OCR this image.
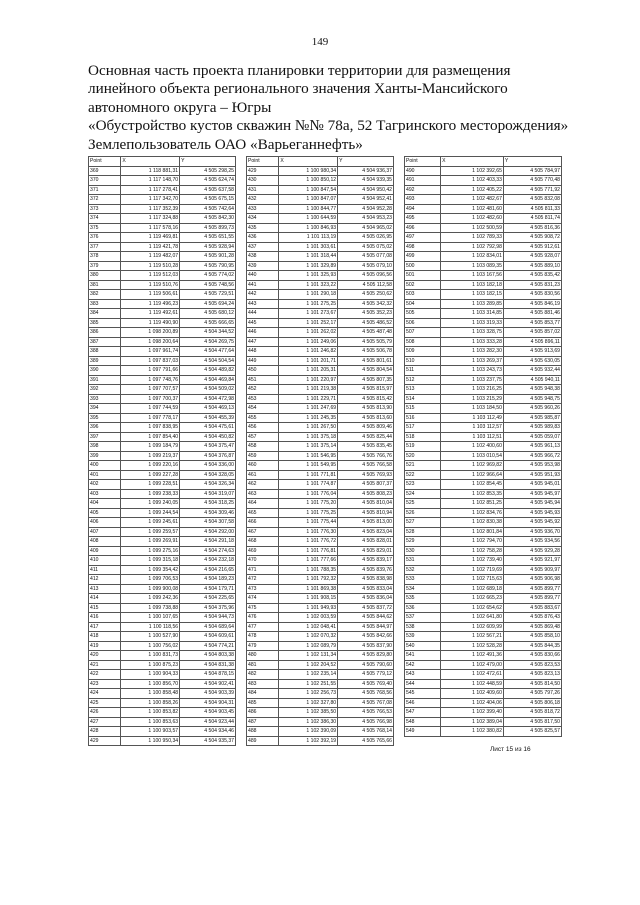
149
Основная часть проекта планировки территории для размещения
линейного объекта регионального значения Ханты-Мансийского
автономного округа – Югры
«Обустройство кустов скважин №№ 78а, 52 Тагринского месторождения»
Землепользователь ОАО «Варьеганнефть»
Point	X	Y
369	1 118 881,31	4 505 298,25
370	1 117 148,70	4 505 624,74
371	1 117 278,41	4 505 637,58
372	1 117 342,70	4 505 675,15
373	1 117 352,39	4 505 742,64
374	1 117 324,88	4 505 842,30
375	1 117 578,16	4 505 899,73
376	1 119 469,81	4 505 651,55
377	1 119 421,78	4 505 928,94
378	1 119 482,07	4 505 901,28
379	1 119 510,28	4 505 790,95
380	1 119 512,03	4 505 774,02
381	1 119 510,76	4 505 748,56
382	1 119 506,61	4 505 729,51
383	1 119 496,23	4 505 694,24
384	1 119 492,61	4 505 680,12
385	1 119 490,90	4 505 666,65
386	1 098 200,89	4 504 344,52
387	1 098 200,64	4 504 269,75
388	1 097 961,74	4 504 477,64
389	1 097 837,03	4 504 504,54
390	1 097 791,66	4 504 489,82
391	1 097 748,76	4 504 469,84
392	1 097 707,57	4 504 509,02
393	1 097 700,37	4 504 472,98
394	1 097 744,59	4 504 469,13
395	1 097 778,17	4 504 455,39
396	1 097 838,95	4 504 475,61
397	1 097 854,40	4 504 450,82
398	1 099 184,79	4 504 375,47
399	1 099 219,37	4 504 376,87
400	1 099 220,16	4 504 336,00
401	1 099 227,28	4 504 328,05
402	1 099 228,51	4 504 326,34
403	1 099 238,33	4 504 319,07
404	1 099 240,05	4 504 318,25
405	1 099 244,54	4 504 309,46
406	1 099 245,61	4 504 307,58
407	1 099 259,57	4 504 292,00
408	1 099 269,91	4 504 291,18
409	1 099 275,16	4 504 274,63
410	1 099 315,18	4 504 232,18
411	1 099 354,42	4 504 216,65
412	1 099 706,53	4 504 189,23
413	1 099 900,08	4 504 179,71
414	1 099 242,36	4 504 225,65
415	1 099 738,88	4 504 375,96
416	1 100 107,65	4 504 944,73
417	1 100 118,56	4 504 689,64
418	1 100 527,90	4 504 609,61
419	1 100 756,02	4 504 774,21
420	1 100 831,73	4 504 803,38
421	1 100 875,23	4 504 831,38
422	1 100 904,33	4 504 878,15
423	1 100 856,70	4 504 902,41
424	1 100 858,48	4 504 903,39
425	1 100 858,26	4 504 904,31
426	1 100 853,82	4 504 903,45
427	1 100 853,63	4 504 923,44
428	1 100 903,57	4 504 934,46
429	1 100 950,34	4 504 935,37
Point	X	Y
429	1 100 980,34	4 504 936,37
430	1 100 850,12	4 504 939,35
431	1 100 847,54	4 504 950,42
432	1 100 847,07	4 504 952,41
433	1 100 844,77	4 504 952,28
434	1 100 644,59	4 504 953,23
435	1 100 846,93	4 504 965,02
436	1 101 113,19	4 505 026,95
437	1 101 303,61	4 505 075,02
438	1 101 318,44	4 505 077,08
439	1 101 329,89	4 505 079,10
440	1 101 325,93	4 505 096,56
441	1 101 323,22	4 505 112,58
442	1 101 290,18	4 505 250,62
443	1 101 275,25	4 505 342,32
444	1 101 273,67	4 505 352,23
445	1 101 252,17	4 505 486,52
446	1 101 262,02	4 505 487,48
447	1 101 249,06	4 505 505,79
448	1 101 246,82	4 505 506,78
449	1 101 201,71	4 505 801,61
450	1 101 205,31	4 505 804,54
451	1 101 220,97	4 505 807,35
452	1 101 219,38	4 505 815,97
453	1 101 229,71	4 505 815,42
454	1 101 247,69	4 505 813,90
455	1 101 245,35	4 505 813,60
456	1 101 267,50	4 505 809,46
457	1 101 375,18	4 505 825,44
458	1 101 375,14	4 505 835,45
459	1 101 546,95	4 505 766,76
460	1 101 549,95	4 505 766,58
461	1 101 771,81	4 505 769,93
462	1 101 774,87	4 505 807,37
463	1 101 776,04	4 505 808,23
464	1 101 775,20	4 505 810,04
465	1 101 775,25	4 505 810,94
466	1 101 775,44	4 505 813,00
467	1 101 776,30	4 505 823,04
468	1 101 776,72	4 505 828,01
469	1 101 776,81	4 505 829,01
470	1 101 777,66	4 505 839,17
471	1 101 788,35	4 505 839,76
472	1 101 792,32	4 505 838,98
473	1 101 869,38	4 505 833,04
474	1 101 908,15	4 505 836,04
475	1 101 949,93	4 505 837,72
476	1 102 003,59	4 505 844,62
477	1 102 048,41	4 505 844,97
478	1 102 070,32	4 505 842,66
479	1 102 089,79	4 505 837,90
480	1 102 131,34	4 505 829,80
481	1 102 204,52	4 505 790,60
482	1 102 235,14	4 505 779,12
483	1 102 251,55	4 505 769,40
484	1 102 256,73	4 505 768,56
485	1 102 327,80	4 505 767,08
486	1 102 385,50	4 505 766,53
487	1 102 386,30	4 505 766,98
488	1 102 390,09	4 505 768,14
489	1 102 392,19	4 505 765,66
Point	X	Y
490	1 102 392,65	4 505 784,97
491	1 102 403,33	4 505 770,48
492	1 102 405,22	4 505 771,92
493	1 102 482,67	4 505 832,08
494	1 102 481,60	4 505 811,33
495	1 102 482,60	4 505 811,74
496	1 102 500,59	4 505 816,36
497	1 102 789,33	4 505 908,72
498	1 102 792,98	4 505 912,61
499	1 102 834,01	4 505 928,07
500	1 103 089,35	4 505 889,10
501	1 103 167,56	4 505 835,42
502	1 103 182,18	4 505 831,23
503	1 103 182,15	4 505 830,56
504	1 103 289,85	4 505 846,19
505	1 103 314,85	4 505 881,46
506	1 103 319,33	4 505 853,77
507	1 103 328,75	4 505 857,02
508	1 103 333,28	4 505 896,11
509	1 103 282,30	4 505 913,69
510	1 103 269,37	4 505 630,05
511	1 103 243,73	4 505 932,44
512	1 103 237,75	4 505 940,11
513	1 103 216,25	4 505 948,38
514	1 103 215,29	4 505 948,75
515	1 103 184,50	4 505 960,26
516	1 103 112,49	4 505 985,87
517	1 103 112,57	4 505 989,83
518	1 103 112,51	4 505 059,07
519	1 102 400,60	4 505 961,13
520	1 103 010,54	4 505 966,72
521	1 102 969,82	4 505 953,98
522	1 102 966,64	4 505 951,93
523	1 102 854,45	4 505 945,01
524	1 102 853,35	4 505 945,97
525	1 102 851,25	4 505 945,94
526	1 102 834,76	4 505 945,93
527	1 102 830,38	4 505 945,92
528	1 102 801,84	4 505 936,70
529	1 102 794,70	4 505 934,56
530	1 102 758,28	4 505 929,28
531	1 102 739,40	4 505 921,97
532	1 102 719,69	4 505 909,97
533	1 102 715,63	4 505 906,98
534	1 102 689,18	4 505 899,77
535	1 102 665,23	4 505 899,77
536	1 102 654,62	4 505 883,67
537	1 102 641,80	4 505 876,43
538	1 102 609,99	4 505 869,48
539	1 102 567,21	4 505 858,10
540	1 102 528,28	4 505 844,35
541	1 102 491,36	4 505 830,66
542	1 102 479,00	4 505 823,53
543	1 102 472,61	4 505 823,13
544	1 102 448,59	4 505 814,50
545	1 102 409,60	4 505 797,26
546	1 102 404,06	4 505 806,18
547	1 102 399,40	4 505 818,72
548	1 102 389,04	4 505 817,50
549	1 102 380,82	4 505 825,57
Лист 15 из 16
